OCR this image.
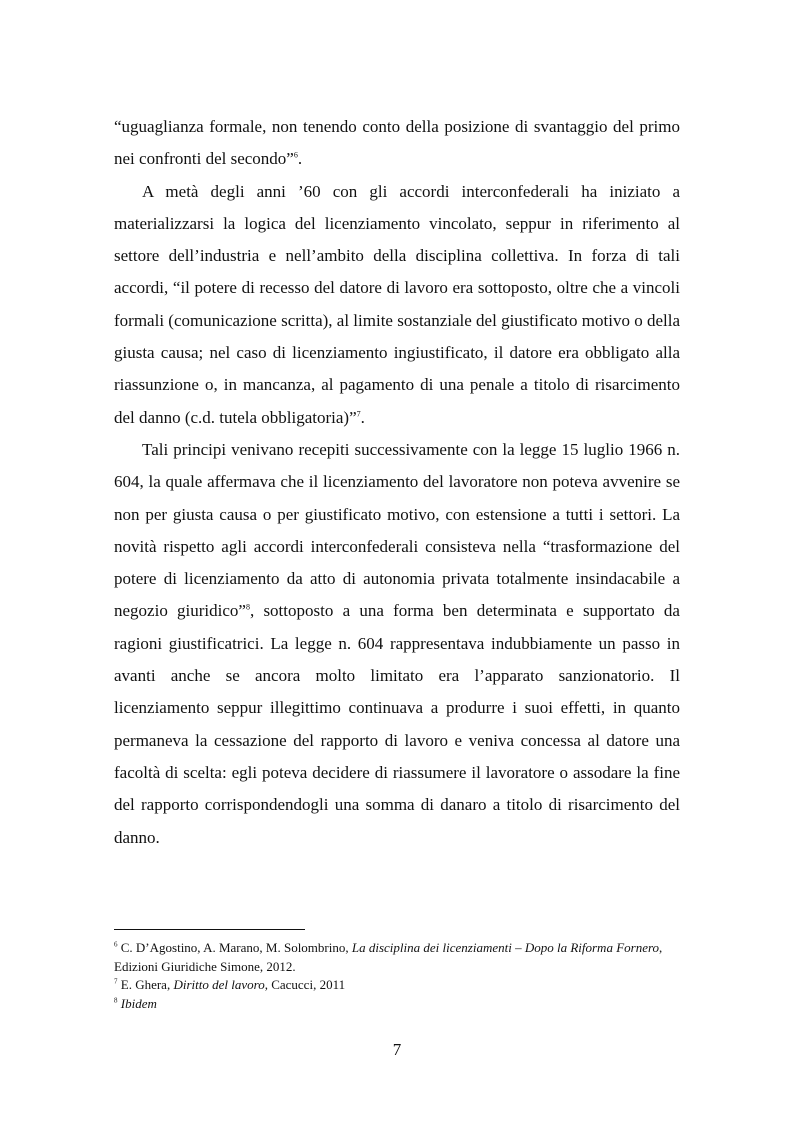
“uguaglianza formale, non tenendo conto della posizione di svantaggio del primo nei confronti del secondo”$^6$.

A metà degli anni ’60 con gli accordi interconfederali ha iniziato a materializzarsi la logica del licenziamento vincolato, seppur in riferimento al settore dell’industria e nell’ambito della disciplina collettiva. In forza di tali accordi, “il potere di recesso del datore di lavoro era sottoposto, oltre che a vincoli formali (comunicazione scritta), al limite sostanziale del giustificato motivo o della giusta causa; nel caso di licenziamento ingiustificato, il datore era obbligato alla riassunzione o, in mancanza, al pagamento di una penale a titolo di risarcimento del danno (c.d. tutela obbligatoria)”$^7$.

Tali principi venivano recepiti successivamente con la legge 15 luglio 1966 n. 604, la quale affermava che il licenziamento del lavoratore non poteva avvenire se non per giusta causa o per giustificato motivo, con estensione a tutti i settori. La novità rispetto agli accordi interconfederali consisteva nella “trasformazione del potere di licenziamento da atto di autonomia privata totalmente insindacabile a negozio giuridico”$^8$, sottoposto a una forma ben determinata e supportato da ragioni giustificatrici. La legge n. 604 rappresentava indubbiamente un passo in avanti anche se ancora molto limitato era l’apparato sanzionatorio. Il licenziamento seppur illegittimo continuava a produrre i suoi effetti, in quanto permaneva la cessazione del rapporto di lavoro e veniva concessa al datore una facoltà di scelta: egli poteva decidere di riassumere il lavoratore o assodare la fine del rapporto corrispondendogli una somma di danaro a titolo di risarcimento del danno.

$^6$ C. D’Agostino, A. Marano, M. Solombrino, La disciplina dei licenziamenti – Dopo la Riforma Fornero, Edizioni Giuridiche Simone, 2012.

$^7$ E. Ghera, Diritto del lavoro, Cacucci, 2011

$^8$ Ibidem

7
